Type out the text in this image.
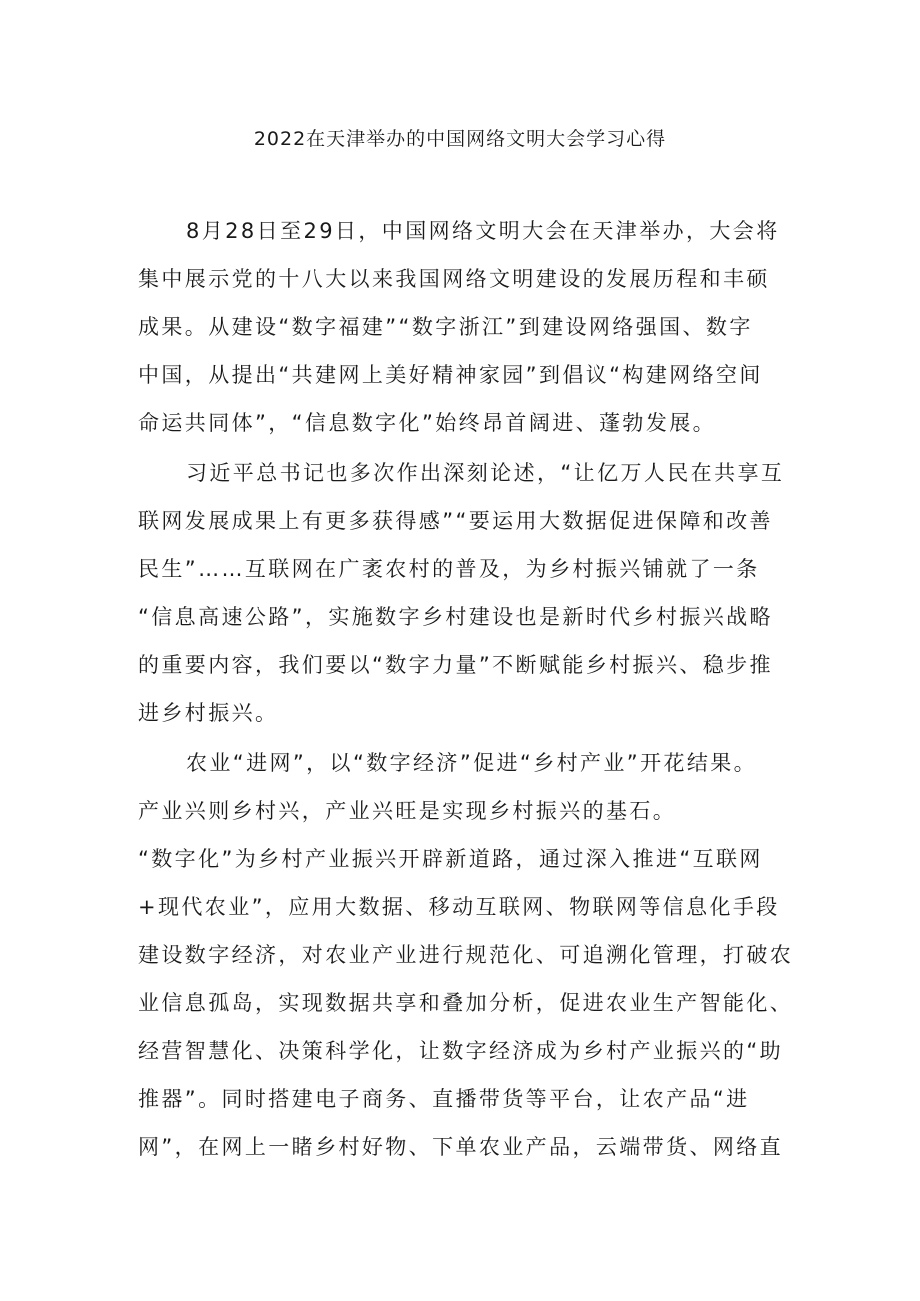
2022在天津举办的中国网络文明大会学习心得
8月28日至29日，中国网络文明大会在天津举办，大会将
集中展示党的十八大以来我国网络文明建设的发展历程和丰硕
成果。从建设“数字福建”“数字浙江”到建设网络强国、数字
中国，从提出“共建网上美好精神家园”到倡议“构建网络空间
命运共同体”，“信息数字化”始终昂首阔进、蓬勃发展。
习近平总书记也多次作出深刻论述，“让亿万人民在共享互
联网发展成果上有更多获得感”“要运用大数据促进保障和改善
民生”……互联网在广袤农村的普及，为乡村振兴铺就了一条
“信息高速公路”，实施数字乡村建设也是新时代乡村振兴战略
的重要内容，我们要以“数字力量”不断赋能乡村振兴、稳步推
进乡村振兴。
农业“进网”，以“数字经济”促进“乡村产业”开花结果。
产业兴则乡村兴，产业兴旺是实现乡村振兴的基石。
“数字化”为乡村产业振兴开辟新道路，通过深入推进“互联网
+现代农业”，应用大数据、移动互联网、物联网等信息化手段
建设数字经济，对农业产业进行规范化、可追溯化管理，打破农
业信息孤岛，实现数据共享和叠加分析，促进农业生产智能化、
经营智慧化、决策科学化，让数字经济成为乡村产业振兴的“助
推器”。同时搭建电子商务、直播带货等平台，让农产品“进
网”，在网上一睹乡村好物、下单农业产品，云端带货、网络直
